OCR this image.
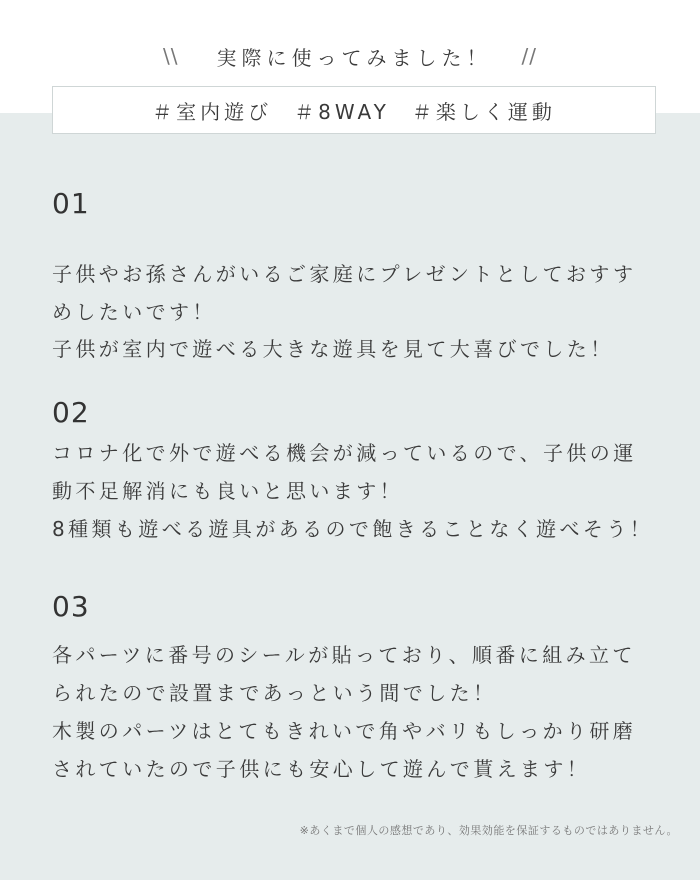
\\ 実際に使ってみました！ //
＃室内遊び ＃8WAY ＃楽しく運動
01
子供やお孫さんがいるご家庭にプレゼントとしておすす
めしたいです！
子供が室内で遊べる大きな遊具を見て大喜びでした！
02
コロナ化で外で遊べる機会が減っているので、子供の運
動不足解消にも良いと思います！
8種類も遊べる遊具があるので飽きることなく遊べそう！
03
各パーツに番号のシールが貼っており、順番に組み立て
られたので設置まであっという間でした！
木製のパーツはとてもきれいで角やバリもしっかり研磨
されていたので子供にも安心して遊んで貰えます！
※あくまで個人の感想であり、効果効能を保証するものではありません。
